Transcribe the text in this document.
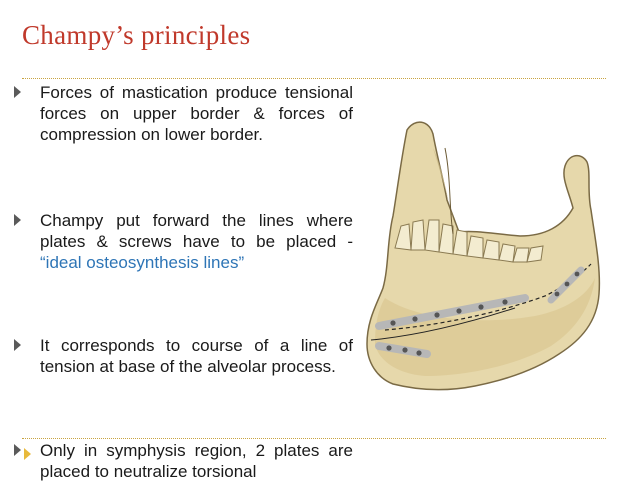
Champy’s principles
Forces of mastication produce tensional forces on upper border & forces of compression on lower border.
Champy put forward the lines where plates & screws have to be placed - “ideal osteosynthesis lines”
It corresponds to course of a line of tension at base of the alveolar process.
Only in symphysis region, 2 plates are placed to neutralize torsional
